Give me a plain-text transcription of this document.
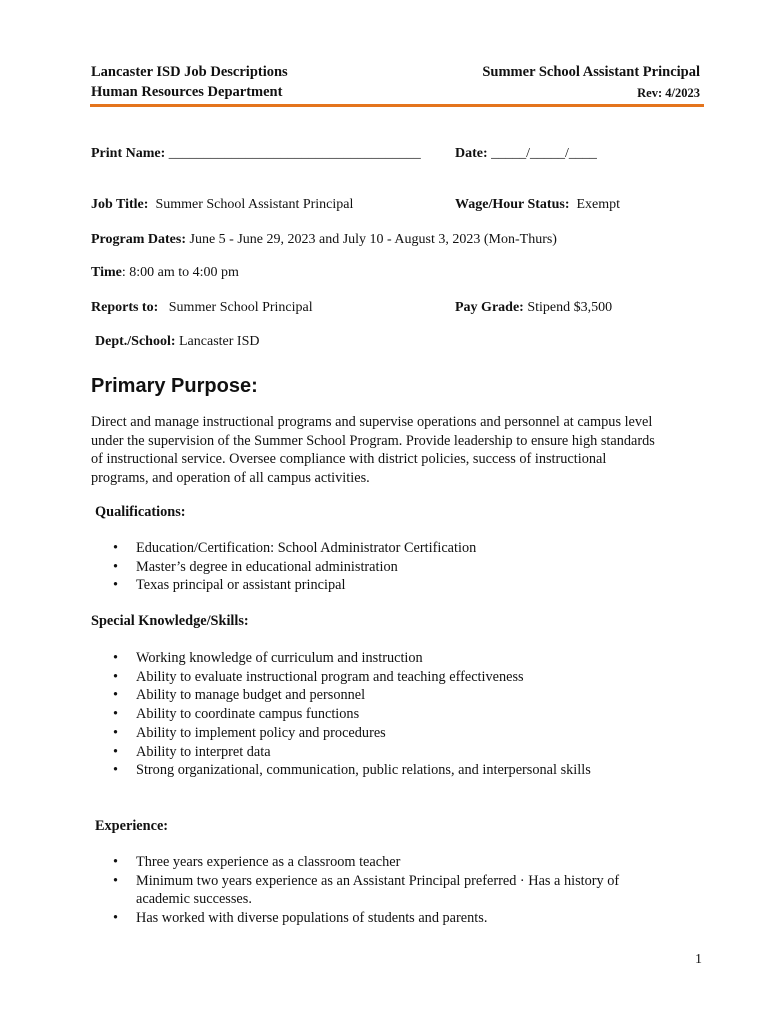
Lancaster ISD Job Descriptions
Human Resources Department
Summer School Assistant Principal
Rev: 4/2023
Print Name: ____________________________________ Date: _____/_____/____
Job Title: Summer School Assistant Principal	Wage/Hour Status: Exempt
Program Dates: June 5 - June 29, 2023 and July 10 - August 3, 2023 (Mon-Thurs)
Time: 8:00 am to 4:00 pm
Reports to: Summer School Principal	Pay Grade: Stipend $3,500
Dept./School: Lancaster ISD
Primary Purpose:
Direct and manage instructional programs and supervise operations and personnel at campus level
under the supervision of the Summer School Program. Provide leadership to ensure high standards
of instructional service. Oversee compliance with district policies, success of instructional
programs, and operation of all campus activities.
Qualifications:
• Education/Certification: School Administrator Certification
• Master’s degree in educational administration
• Texas principal or assistant principal
Special Knowledge/Skills:
• Working knowledge of curriculum and instruction
• Ability to evaluate instructional program and teaching effectiveness
• Ability to manage budget and personnel
• Ability to coordinate campus functions
• Ability to implement policy and procedures
• Ability to interpret data
• Strong organizational, communication, public relations, and interpersonal skills
Experience:
• Three years experience as a classroom teacher
• Minimum two years experience as an Assistant Principal preferred · Has a history of
academic successes.
• Has worked with diverse populations of students and parents.
1
